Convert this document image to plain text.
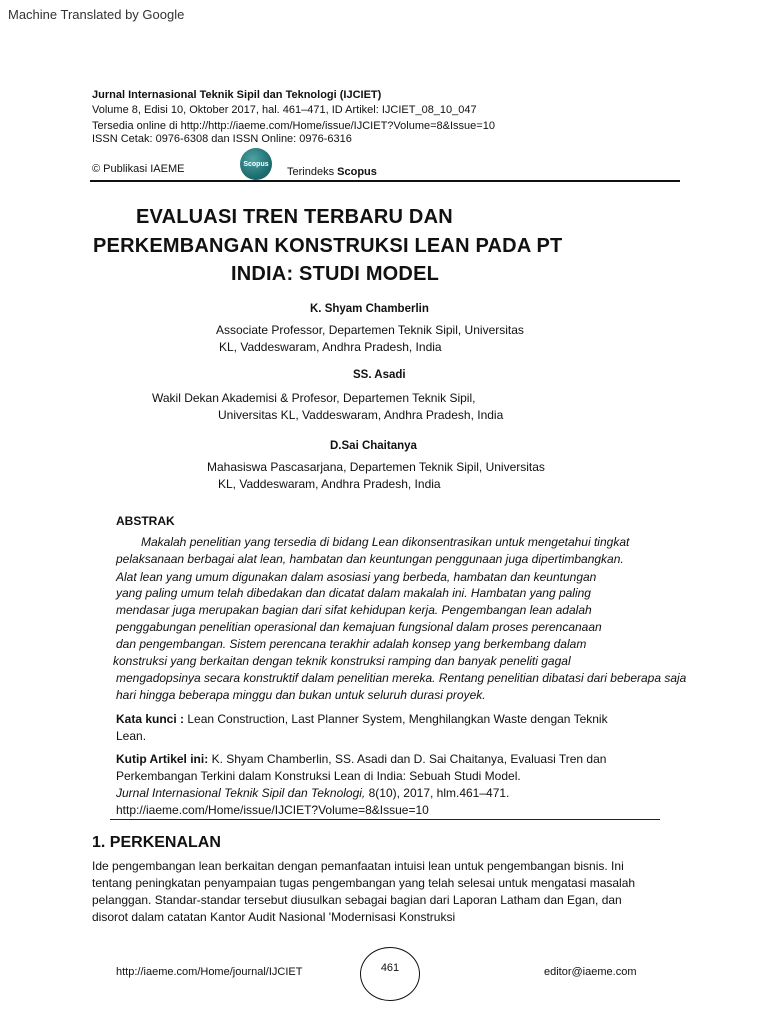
Machine Translated by Google
Jurnal Internasional Teknik Sipil dan Teknologi (IJCIET)
Volume 8, Edisi 10, Oktober 2017, hal. 461–471, ID Artikel: IJCIET_08_10_047
Tersedia online di http://http://iaeme.com/Home/issue/IJCIET?Volume=8&Issue=10
ISSN Cetak: 0976-6308 dan ISSN Online: 0976-6316
© Publikasi IAEME	Scopus
Terindeks Scopus
EVALUASI TREN TERBARU DAN
PERKEMBANGAN KONSTRUKSI LEAN PADA PT
INDIA: STUDI MODEL
K. Shyam Chamberlin
Associate Professor, Departemen Teknik Sipil, Universitas
KL, Vaddeswaram, Andhra Pradesh, India
SS. Asadi
Wakil Dekan Akademisi & Profesor, Departemen Teknik Sipil,
Universitas KL, Vaddeswaram, Andhra Pradesh, India
D.Sai Chaitanya
Mahasiswa Pascasarjana, Departemen Teknik Sipil, Universitas
KL, Vaddeswaram, Andhra Pradesh, India
ABSTRAK
Makalah penelitian yang tersedia di bidang Lean dikonsentrasikan untuk mengetahui tingkat
pelaksanaan berbagai alat lean, hambatan dan keuntungan penggunaan juga dipertimbangkan.
Alat lean yang umum digunakan dalam asosiasi yang berbeda, hambatan dan keuntungan
yang paling umum telah dibedakan dan dicatat dalam makalah ini. Hambatan yang paling
mendasar juga merupakan bagian dari sifat kehidupan kerja. Pengembangan lean adalah
penggabungan penelitian operasional dan kemajuan fungsional dalam proses perencanaan
dan pengembangan. Sistem perencana terakhir adalah konsep yang berkembang dalam
konstruksi yang berkaitan dengan teknik konstruksi ramping dan banyak peneliti gagal
mengadopsinya secara konstruktif dalam penelitian mereka. Rentang penelitian dibatasi dari beberapa saja
hari hingga beberapa minggu dan bukan untuk seluruh durasi proyek.
Kata kunci : Lean Construction, Last Planner System, Menghilangkan Waste dengan Teknik
Lean.
Kutip Artikel ini: K. Shyam Chamberlin, SS. Asadi dan D. Sai Chaitanya, Evaluasi Tren dan
Perkembangan Terkini dalam Konstruksi Lean di India: Sebuah Studi Model.
Jurnal Internasional Teknik Sipil dan Teknologi, 8(10), 2017, hlm.461–471.
http://iaeme.com/Home/issue/IJCIET?Volume=8&Issue=10
1. PERKENALAN
Ide pengembangan lean berkaitan dengan pemanfaatan intuisi lean untuk pengembangan bisnis. Ini
tentang peningkatan penyampaian tugas pengembangan yang telah selesai untuk mengatasi masalah
pelanggan. Standar-standar tersebut diusulkan sebagai bagian dari Laporan Latham dan Egan, dan
disorot dalam catatan Kantor Audit Nasional 'Modernisasi Konstruksi
http://iaeme.com/Home/journal/IJCIET	461	editor@iaeme.com
